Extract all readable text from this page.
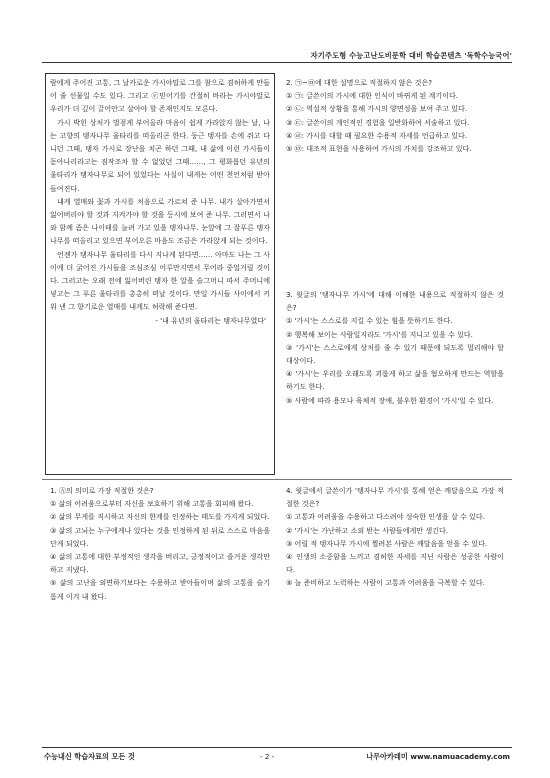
자기주도형 수능고난도비문학 대비 학습콘텐츠 '독학수능국어'

람에게 주어진 고통, 그 날카로운 가시야말로 그를 참으로 겸허하게 만들어 줄 선물일 수도 있다. 그리고 ⓔ믿어기를 간절히 바라는 가시야말로 우리가 더 깊이 끌어안고 살아야 할 존재인지도 모른다.

가시 박힌 상처가 벌겋게 부어올라 마음이 쉼게 가라앉지 않는 날, 나는 고향의 탱자나무 울타리를 떠올리곤 한다. 둥근 탱자를 손에 쥐고 다니던 그때, 탱자 가시로 장난을 치곤 하던 그때, 내 삶에 이런 가시들이 돋아나리라고는 짐작조차 할 수 없었던 그때……, 그 평화롭던 유년의 울타리가 탱자나무로 되어 있었다는 사실이 내게는 어떤 천언처럼 받아들여진다.

내게 열매와 꽃과 가시를 처음으로 가르쳐 준 나무. 내가 살아가면서 잃어버리야 할 것과 지켜가야 할 것을 등시에 보여 준 나무. 그러면서 나와 함께 좀은 나이테를 늘려 가고 있을 탱자나무. 눈앞에 그 잘푸른 탱자나무를 떠올리고 있으면 부어오른 마음도 조금은 가라앉게 되는 것이다.

언젠가 탱자나무 울타리를 다시 지나게 된다면…… 아마도 나는 그 사이에 더 굵어진 가시들을 조심조심 어루만지면서 무어라 중얼거릴 것이다. 그러고는 오래 전에 잃어버린 탱자 한 알을 슬그머니 따서 주머니에 넣고는 그 푸른 울타리를 총총히 떠날 것이다. 만일 가시들 사이에서 키워 낸 그 향기로운 열매를 내게도 허락해 준다면.

- '내 유년의 울타리는 탱자나무였다'

2. ㉠~㉤에 대한 설명으로 적절하지 않은 것은?

① ㉠: 글쓴이의 가시에 대한 인식이 바뀌게 된 계기이다.

② ㉡: 역설적 상황을 통해 가시의 양면성을 보여 주고 있다.

③ ㉢: 글쓴이의 개인적인 경험을 일반화하여 서술하고 있다.

④ ㉣: 가시를 대할 때 필요한 수용적 자세를 언급하고 있다.

⑤ ㉤: 대조적 표현을 사용하여 가시의 가치를 강조하고 있다.

3. 윗글의 '탱자나무 가시'에 대해 이해한 내용으로 적절하지 않은 것은?

① '가시'는 스스로를 지킬 수 있는 힘을 뜻하기도 한다.

② 행복해 보이는 사람일지라도 '가시'를 지니고 있을 수 있다.

③ '가시'는 스스로에게 상처를 줄 수 있기 때문에 되도록 멀리해야 할 대상이다.

④ '가시'는 우리를 오래도록 괴롭게 하고 삶을 혐오하게 만드는 역할을 하기도 한다.

⑤ 사람에 따라 용모나 육체적 장애, 불우한 환경이 '가시'일 수 있다.

1. Ⓐ의 의미로 가장 적절한 것은?

① 삶의 어려움으로부터 자신을 보호하기 위해 고통을 회피해 왔다.

② 삶의 무게를 직시하고 자신의 한계를 인정하는 태도를 가지게 되었다.

③ 삶의 고뇌는 누구에게나 있다는 것을 인정하게 된 뒤로 스스로 마음을 단게 되었다.

④ 삶의 고통에 대한 부정적인 생각을 버리고, 긍정적이고 즐거운 생각만 하고 지냈다.

⑤ 삶의 고난을 외면하기보다는 수용하고 받아들이며 삶의 고통을 슬기롭게 이겨 내 왔다.

4. 윗글에서 글쓴이가 '탱자나무 가시'를 통해 얻은 깨달음으로 가장 적절한 것은?

① 고통과 어려움을 수용하고 다스려야 성숙한 인생을 살 수 있다.

② '가시'는 가난하고 소외 받는 사람들에게만 생긴다.

③ 어릴 적 탱자나무 가시에 찔려본 사람은 깨달음을 얻을 수 있다.

④ 인생의 소중함을 느끼고 겸허한 자세를 지닌 사람은 성공한 사람이다.

⑤ 늘 준비하고 노력하는 사람이 고통과 어려움을 극복할 수 있다.

수능내신 학습자료의 모든 것	- 2 -	나무아카데미 www.namuacademy.com
